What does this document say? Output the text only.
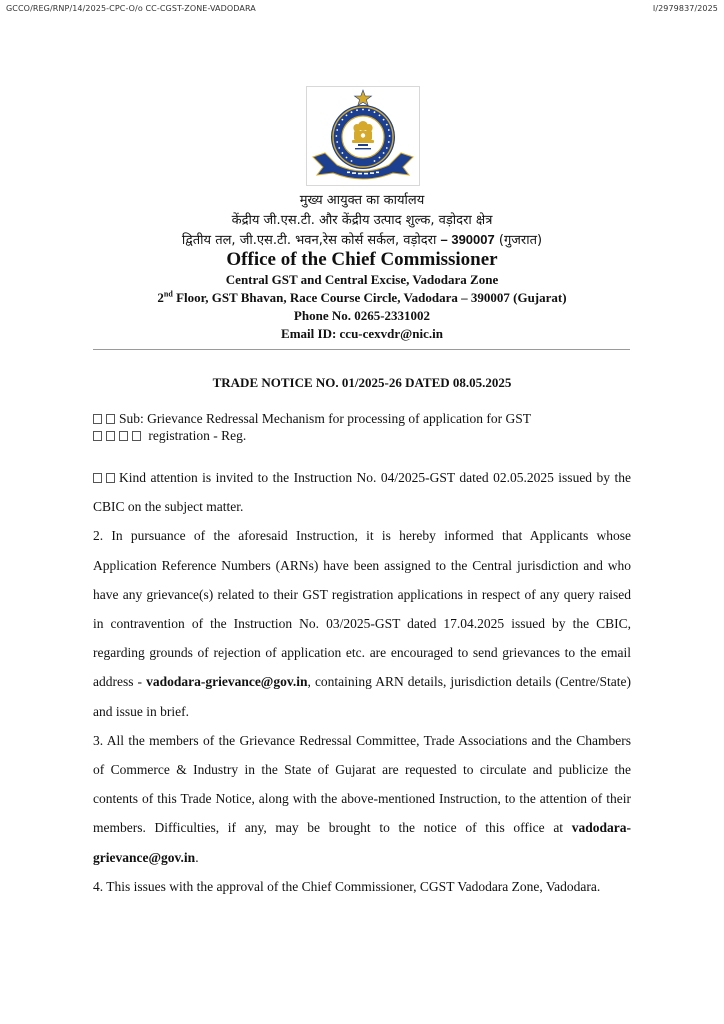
GCCO/REG/RNP/14/2025-CPC-O/o CC-CGST-ZONE-VADODARA	I/2979837/2025
मुख्य आयुक्त का कार्यालय
केंद्रीय जी.एस.टी. और केंद्रीय उत्पाद शुल्क, वड़ोदरा क्षेत्र
द्वितीय तल, जी.एस.टी. भवन,रेस कोर्स सर्कल, वड़ोदरा – 390007 (गुजरात)
Office of the Chief Commissioner
Central GST and Central Excise, Vadodara Zone
2nd Floor, GST Bhavan, Race Course Circle, Vadodara – 390007 (Gujarat)
Phone No. 0265-2331002
Email ID: ccu-cexvdr@nic.in
TRADE NOTICE NO. 01/2025-26 DATED 08.05.2025
Sub: Grievance Redressal Mechanism for processing of application for GST
registration - Reg.

Kind attention is invited to the Instruction No. 04/2025-GST dated 02.05.2025 issued by the CBIC on the subject matter.

2. In pursuance of the aforesaid Instruction, it is hereby informed that Applicants whose Application Reference Numbers (ARNs) have been assigned to the Central jurisdiction and who have any grievance(s) related to their GST registration applications in respect of any query raised in contravention of the Instruction No. 03/2025-GST dated 17.04.2025 issued by the CBIC, regarding grounds of rejection of application etc. are encouraged to send grievances to the email address - vadodara-grievance@gov.in, containing ARN details, jurisdiction details (Centre/State) and issue in brief.

3. All the members of the Grievance Redressal Committee, Trade Associations and the Chambers of Commerce & Industry in the State of Gujarat are requested to circulate and publicize the contents of this Trade Notice, along with the above-mentioned Instruction, to the attention of their members. Difficulties, if any, may be brought to the notice of this office at vadodara-grievance@gov.in.

4. This issues with the approval of the Chief Commissioner, CGST Vadodara Zone, Vadodara.
